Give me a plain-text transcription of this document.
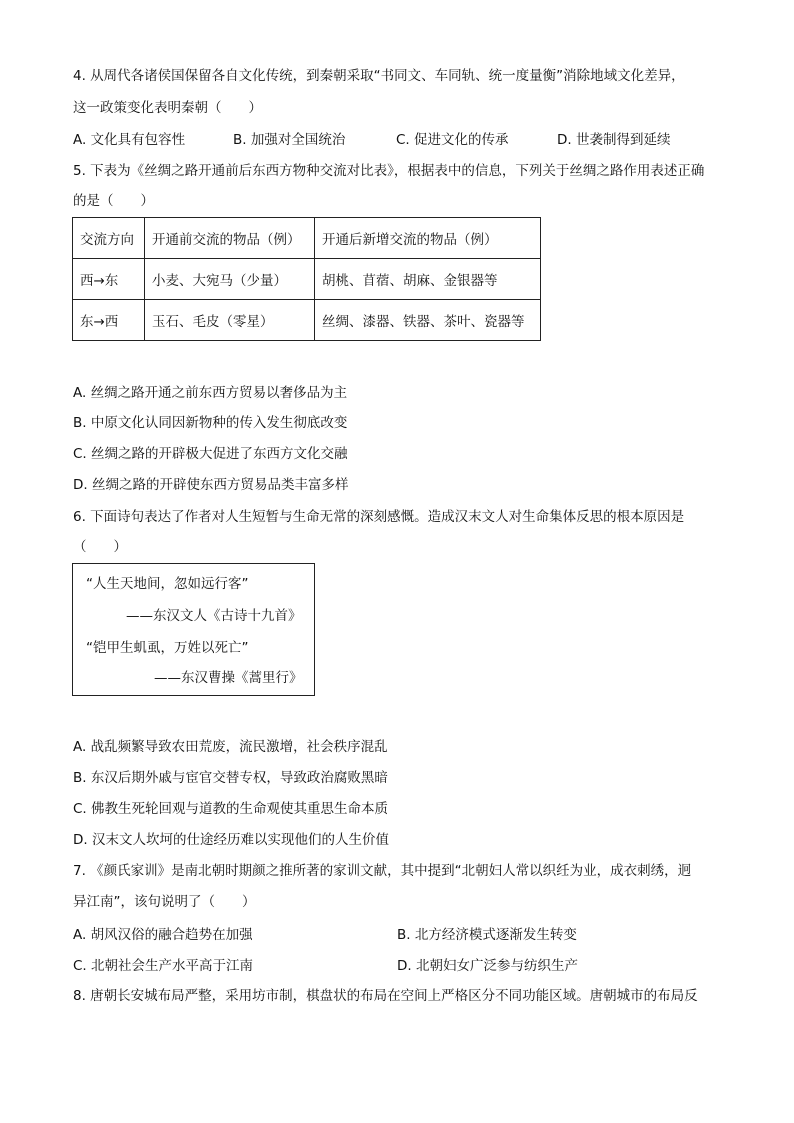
4. 从周代各诸侯国保留各自文化传统，到秦朝采取“书同文、车同轨、统一度量衡”消除地域文化差异，
这一政策变化表明秦朝（　　）
A. 文化具有包容性	B. 加强对全国统治	C. 促进文化的传承	D. 世袭制得到延续
5. 下表为《丝绸之路开通前后东西方物种交流对比表》，根据表中的信息，下列关于丝绸之路作用表述正确
的是（　　）
交流方向	开通前交流的物品（例）	开通后新增交流的物品（例）
西→东	小麦、大宛马（少量）	胡桃、苜蓿、胡麻、金银器等
东→西	玉石、毛皮（零星）	丝绸、漆器、铁器、茶叶、瓷器等
A. 丝绸之路开通之前东西方贸易以奢侈品为主
B. 中原文化认同因新物种的传入发生彻底改变
C. 丝绸之路的开辟极大促进了东西方文化交融
D. 丝绸之路的开辟使东西方贸易品类丰富多样
6. 下面诗句表达了作者对人生短暂与生命无常的深刻感慨。造成汉末文人对生命集体反思的根本原因是
（　　）
“人生天地间，忽如远行客”
——东汉文人《古诗十九首》
“铠甲生虮虱，万姓以死亡”
——东汉曹操《蒿里行》
A. 战乱频繁导致农田荒废，流民激增，社会秩序混乱
B. 东汉后期外戚与宦官交替专权，导致政治腐败黑暗
C. 佛教生死轮回观与道教的生命观使其重思生命本质
D. 汉末文人坎坷的仕途经历难以实现他们的人生价值
7. 《颜氏家训》是南北朝时期颜之推所著的家训文献，其中提到“北朝妇人常以织纴为业，成衣刺绣，迥
异江南”，该句说明了（　　）
A. 胡风汉俗的融合趋势在加强	B. 北方经济模式逐渐发生转变
C. 北朝社会生产水平高于江南	D. 北朝妇女广泛参与纺织生产
8. 唐朝长安城布局严整，采用坊市制，棋盘状的布局在空间上严格区分不同功能区域。唐朝城市的布局反
